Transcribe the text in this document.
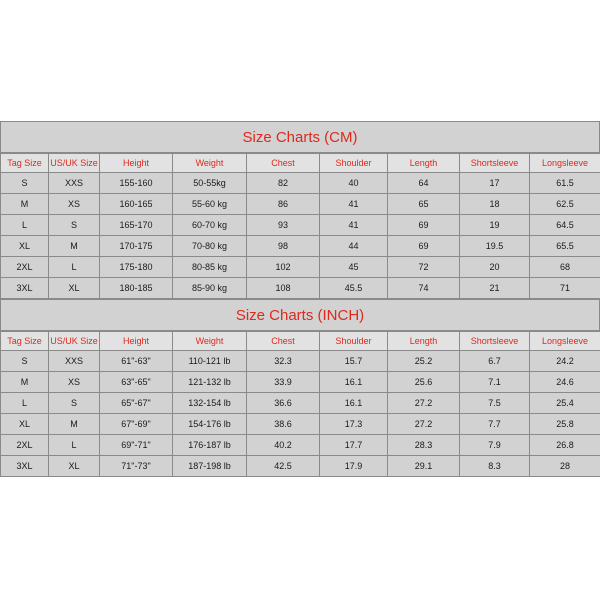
Size Charts (CM)
Tag Size	US/UK Size	Height	Weight	Chest	Shoulder	Length	Shortsleeve	Longsleeve
S	XXS	155-160	50-55kg	82	40	64	17	61.5
M	XS	160-165	55-60 kg	86	41	65	18	62.5
L	S	165-170	60-70 kg	93	41	69	19	64.5
XL	M	170-175	70-80 kg	98	44	69	19.5	65.5
2XL	L	175-180	80-85 kg	102	45	72	20	68
3XL	XL	180-185	85-90 kg	108	45.5	74	21	71
Size Charts (INCH)
Tag Size	US/UK Size	Height	Weight	Chest	Shoulder	Length	Shortsleeve	Longsleeve
S	XXS	61"-63"	110-121 lb	32.3	15.7	25.2	6.7	24.2
M	XS	63"-65"	121-132 lb	33.9	16.1	25.6	7.1	24.6
L	S	65"-67"	132-154 lb	36.6	16.1	27.2	7.5	25.4
XL	M	67"-69"	154-176 lb	38.6	17.3	27.2	7.7	25.8
2XL	L	69"-71"	176-187 lb	40.2	17.7	28.3	7.9	26.8
3XL	XL	71"-73"	187-198 lb	42.5	17.9	29.1	8.3	28
